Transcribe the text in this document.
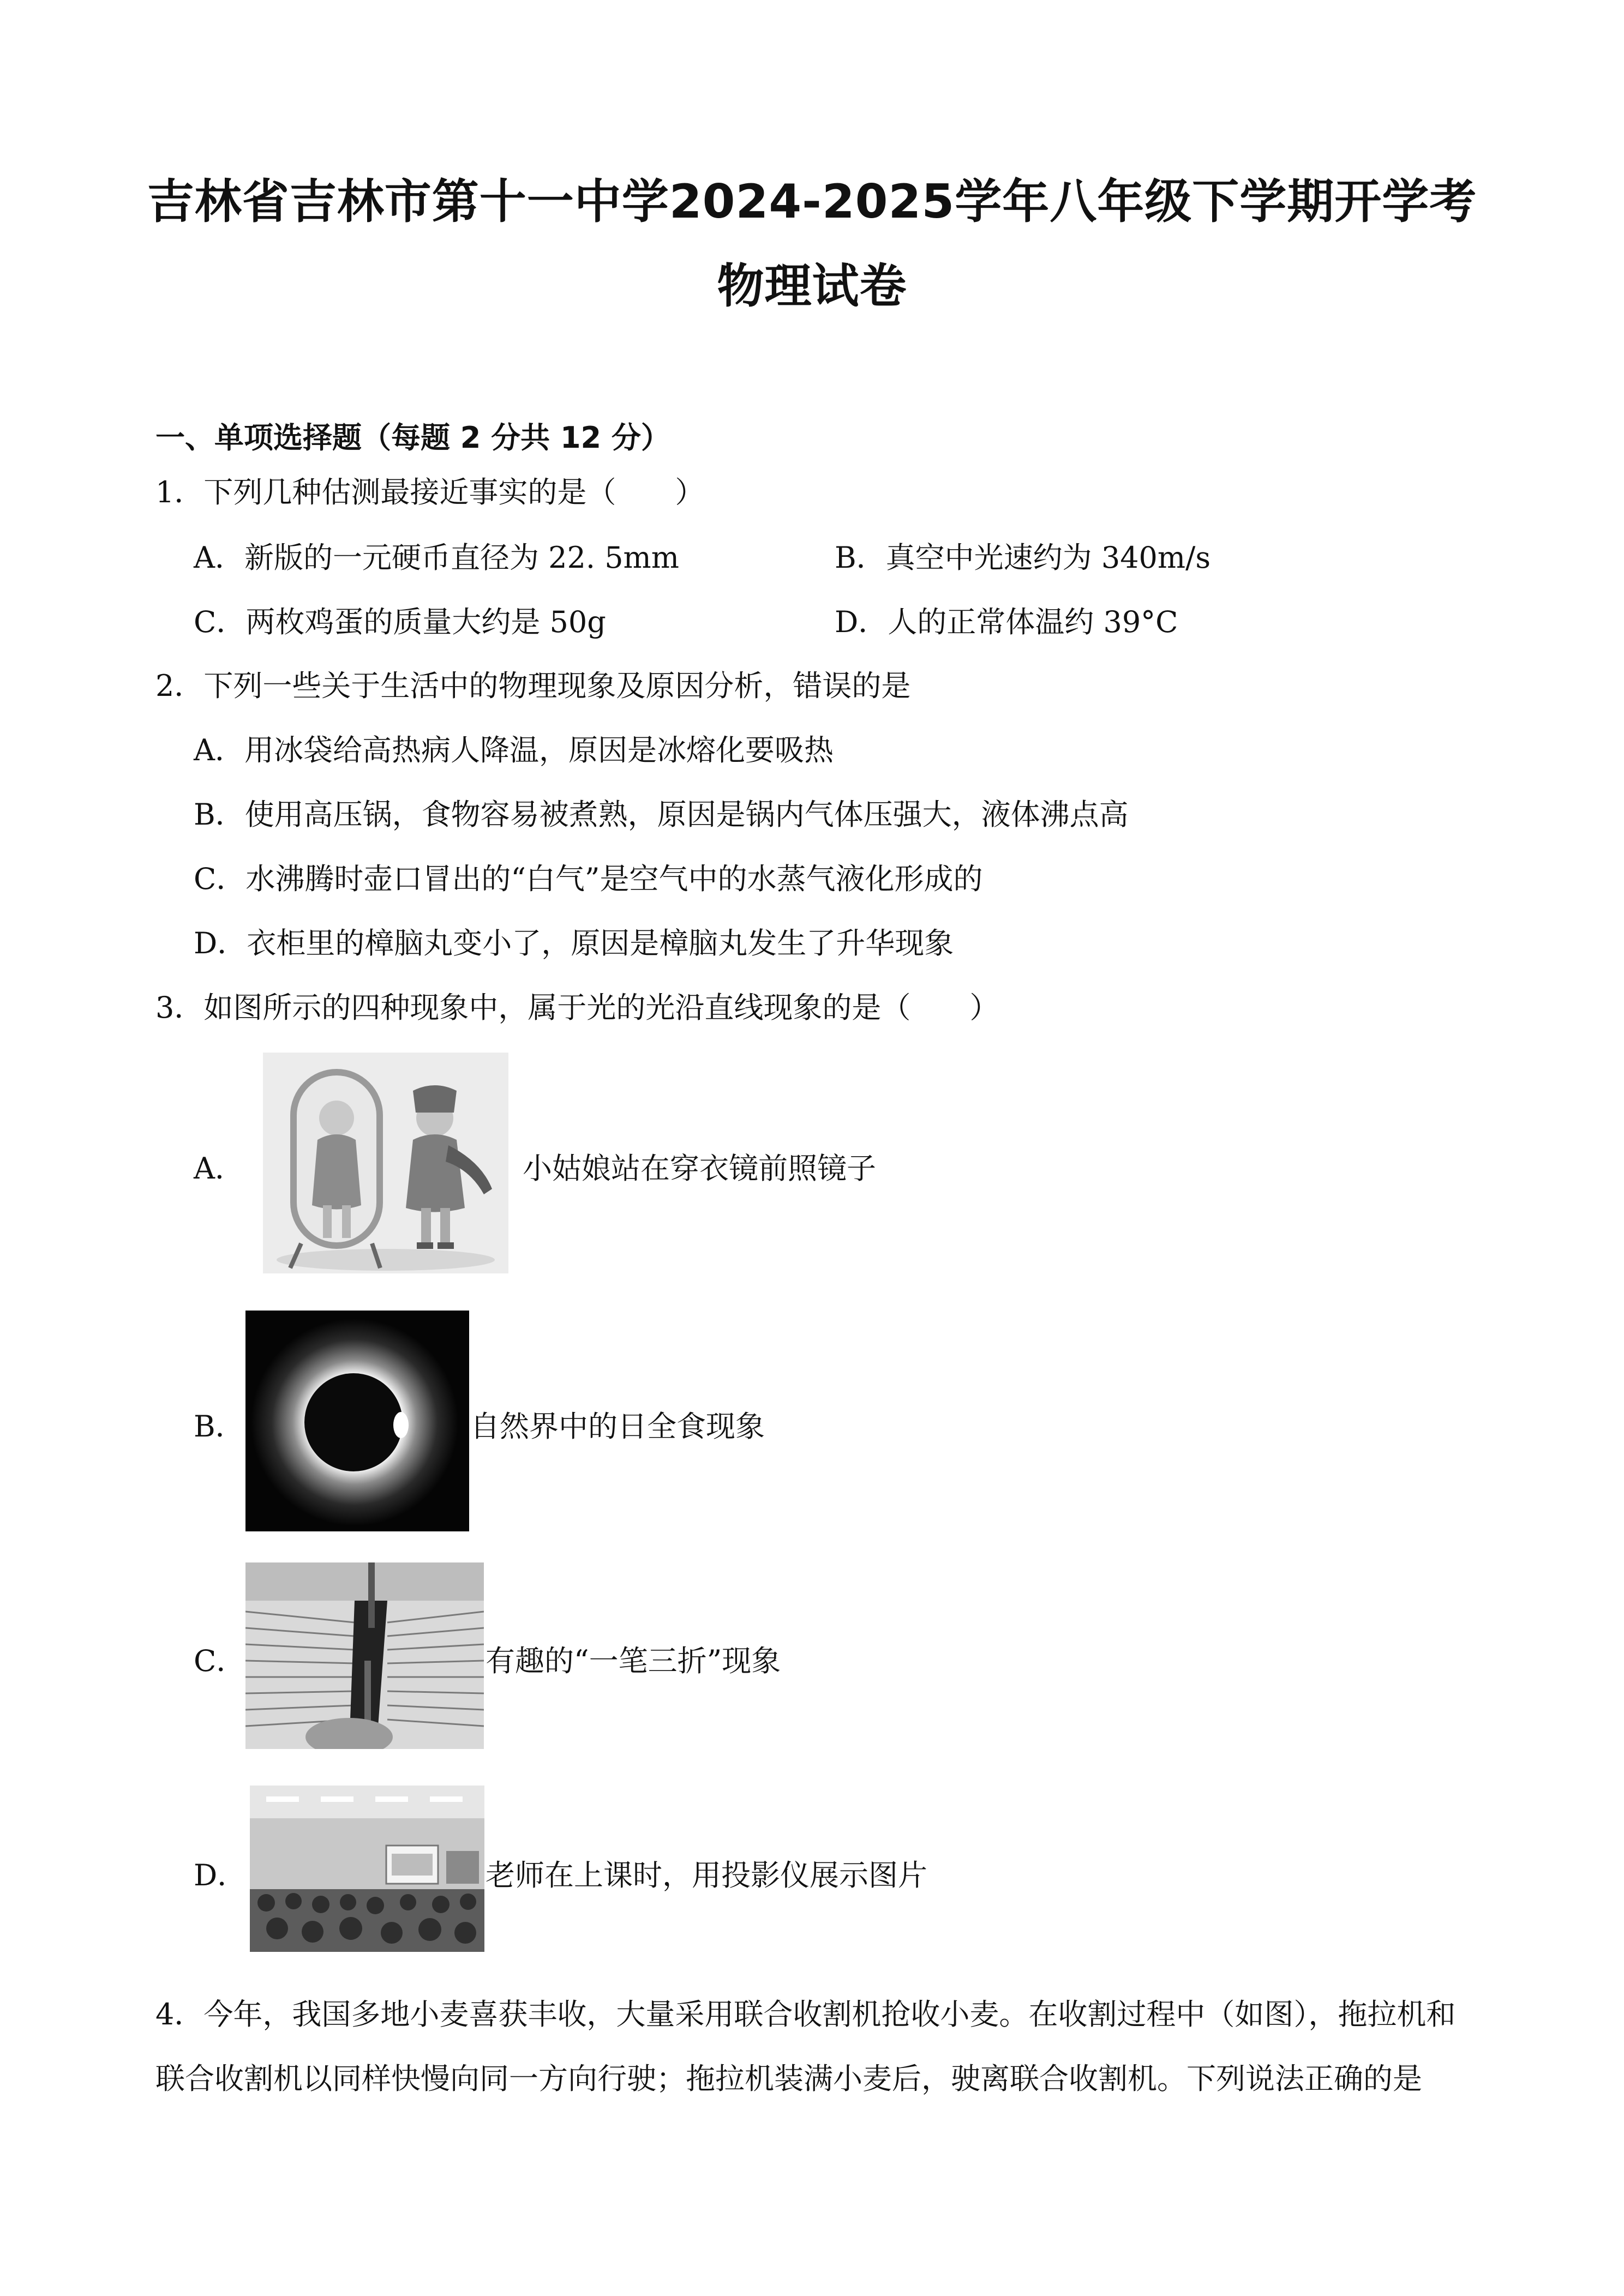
吉林省吉林市第十一中学2024-2025学年八年级下学期开学考
物理试卷
一、单项选择题（每题 2 分共 12 分）
1．下列几种估测最接近事实的是（　　）
A．新版的一元硬币直径为 22. 5mm	B．真空中光速约为 340m/s
C．两枚鸡蛋的质量大约是 50g	D．人的正常体温约 39°C
2．下列一些关于生活中的物理现象及原因分析，错误的是
A．用冰袋给高热病人降温，原因是冰熔化要吸热
B．使用高压锅，食物容易被煮熟，原因是锅内气体压强大，液体沸点高
C．水沸腾时壶口冒出的“白气”是空气中的水蒸气液化形成的
D．衣柜里的樟脑丸变小了，原因是樟脑丸发生了升华现象
3．如图所示的四种现象中，属于光的光沿直线现象的是（　　）
A．	小姑娘站在穿衣镜前照镜子
B．	自然界中的日全食现象
C．	有趣的“一笔三折”现象
D．	老师在上课时，用投影仪展示图片
4．今年，我国多地小麦喜获丰收，大量采用联合收割机抢收小麦。在收割过程中（如图），拖拉机和
联合收割机以同样快慢向同一方向行驶；拖拉机装满小麦后，驶离联合收割机。下列说法正确的是
